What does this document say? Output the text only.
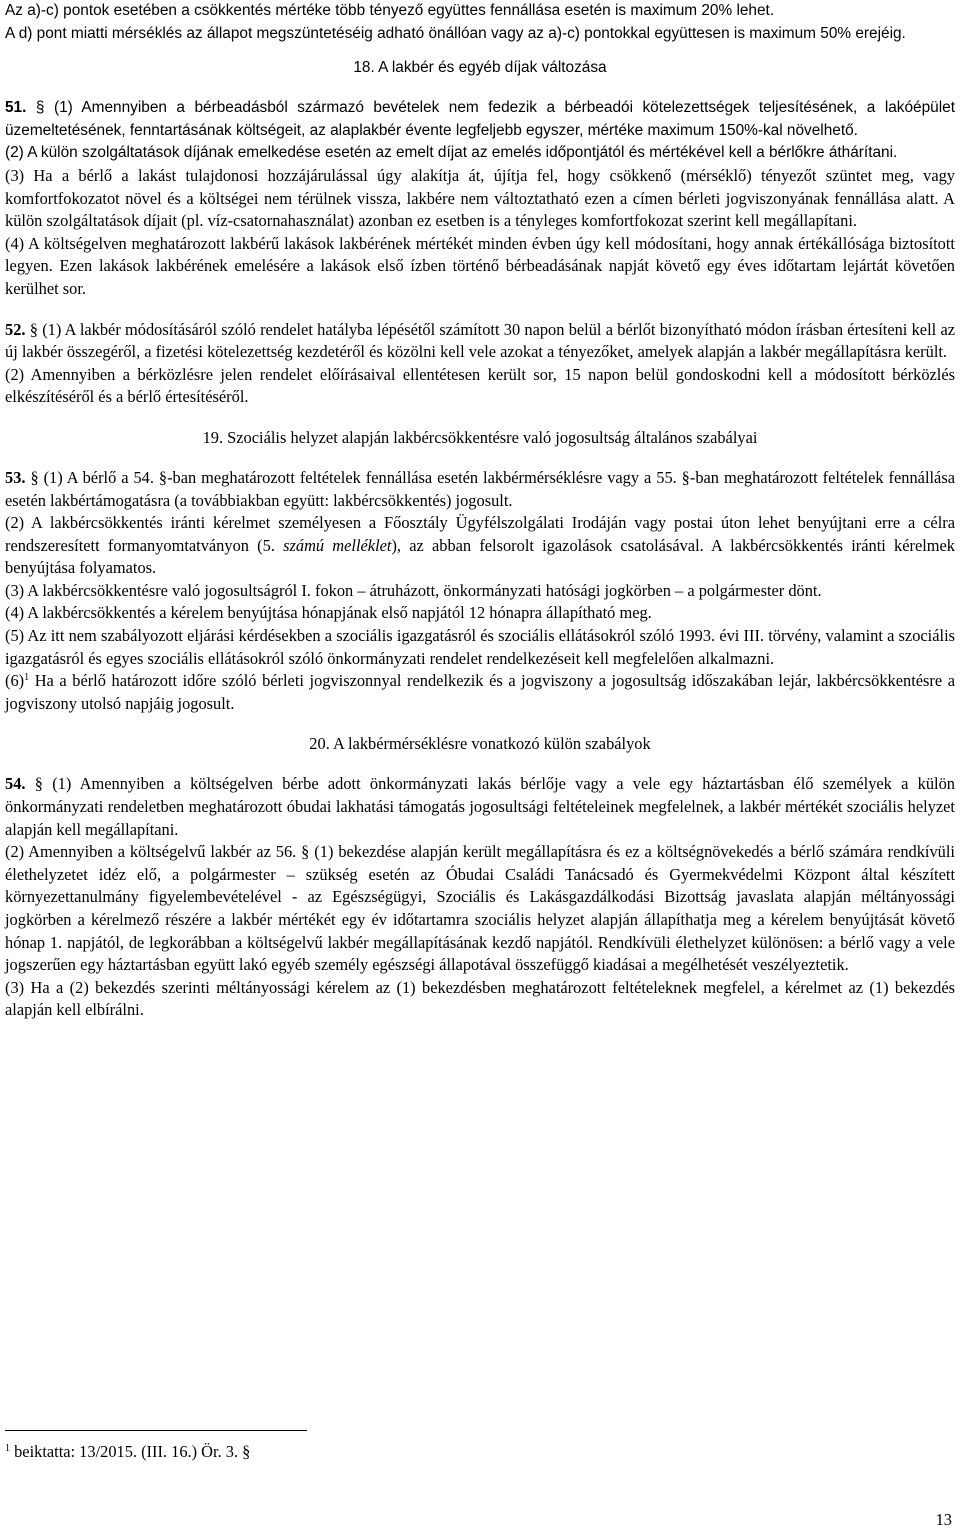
Az a)-c) pontok esetében a csökkentés mértéke több tényező együttes fennállása esetén is maximum 20% lehet.

A d) pont miatti mérséklés az állapot megszüntetéséig adható önállóan vagy az a)-c) pontokkal együttesen is maximum 50% erejéig.

18. A lakbér és egyéb díjak változása

51. § (1) Amennyiben a bérbeadásból származó bevételek nem fedezik a bérbeadói kötelezettségek teljesítésének, a lakóépület üzemeltetésének, fenntartásának költségeit, az alaplakbér évente legfeljebb egyszer, mértéke maximum 150%-kal növelhető.

(2) A külön szolgáltatások díjának emelkedése esetén az emelt díjat az emelés időpontjától és mértékével kell a bérlőkre áthárítani.

(3) Ha a bérlő a lakást tulajdonosi hozzájárulással úgy alakítja át, újítja fel, hogy csökkenő (mérséklő) tényezőt szüntet meg, vagy komfortfokozatot növel és a költségei nem térülnek vissza, lakbére nem változtatható ezen a címen bérleti jogviszonyának fennállása alatt. A külön szolgáltatások díjait (pl. víz-csatornahasználat) azonban ez esetben is a tényleges komfortfokozat szerint kell megállapítani.

(4) A költségelven meghatározott lakbérű lakások lakbérének mértékét minden évben úgy kell módosítani, hogy annak értékállósága biztosított legyen. Ezen lakások lakbérének emelésére a lakások első ízben történő bérbeadásának napját követő egy éves időtartam lejártát követően kerülhet sor.

52. § (1) A lakbér módosításáról szóló rendelet hatályba lépésétől számított 30 napon belül a bérlőt bizonyítható módon írásban értesíteni kell az új lakbér összegéről, a fizetési kötelezettség kezdetéről és közölni kell vele azokat a tényezőket, amelyek alapján a lakbér megállapításra került.

(2) Amennyiben a bérközlésre jelen rendelet előírásaival ellentétesen került sor, 15 napon belül gondoskodni kell a módosított bérközlés elkészítéséről és a bérlő értesítéséről.

19. Szociális helyzet alapján lakbércsökkentésre való jogosultság általános szabályai

53. § (1) A bérlő a 54. §-ban meghatározott feltételek fennállása esetén lakbérmérséklésre vagy a 55. §-ban meghatározott feltételek fennállása esetén lakbértámogatásra (a továbbiakban együtt: lakbércsökkentés) jogosult.

(2) A lakbércsökkentés iránti kérelmet személyesen a Főosztály Ügyfélszolgálati Irodáján vagy postai úton lehet benyújtani erre a célra rendszeresített formanyomtatványon (5. számú melléklet), az abban felsorolt igazolások csatolásával. A lakbércsökkentés iránti kérelmek benyújtása folyamatos.

(3) A lakbércsökkentésre való jogosultságról I. fokon – átruházott, önkormányzati hatósági jogkörben – a polgármester dönt.

(4) A lakbércsökkentés a kérelem benyújtása hónapjának első napjától 12 hónapra állapítható meg.

(5) Az itt nem szabályozott eljárási kérdésekben a szociális igazgatásról és szociális ellátásokról szóló 1993. évi III. törvény, valamint a szociális igazgatásról és egyes szociális ellátásokról szóló önkormányzati rendelet rendelkezéseit kell megfelelően alkalmazni.

$(6)^1$ Ha a bérlő határozott időre szóló bérleti jogviszonnyal rendelkezik és a jogviszony a jogosultság időszakában lejár, lakbércsökkentésre a jogviszony utolsó napjáig jogosult.

20. A lakbérmérséklésre vonatkozó külön szabályok

54. § (1) Amennyiben a költségelven bérbe adott önkormányzati lakás bérlője vagy a vele egy háztartásban élő személyek a külön önkormányzati rendeletben meghatározott óbudai lakhatási támogatás jogosultsági feltételeinek megfelelnek, a lakbér mértékét szociális helyzet alapján kell megállapítani.

(2) Amennyiben a költségelvű lakbér az 56. § (1) bekezdése alapján került megállapításra és ez a költségnövekedés a bérlő számára rendkívüli élethelyzetet idéz elő, a polgármester – szükség esetén az Óbudai Családi Tanácsadó és Gyermekvédelmi Központ által készített környezettanulmány figyelembevételével - az Egészségügyi, Szociális és Lakásgazdálkodási Bizottság javaslata alapján méltányossági jogkörben a kérelmező részére a lakbér mértékét egy év időtartamra szociális helyzet alapján állapíthatja meg a kérelem benyújtását követő hónap 1. napjától, de legkorábban a költségelvű lakbér megállapításának kezdő napjától. Rendkívüli élethelyzet különösen: a bérlő vagy a vele jogszerűen egy háztartásban együtt lakó egyéb személy egészségi állapotával összefüggő kiadásai a megélhetését veszélyeztetik.

(3) Ha a (2) bekezdés szerinti méltányossági kérelem az (1) bekezdésben meghatározott feltételeknek megfelel, a kérelmet az (1) bekezdés alapján kell elbírálni.

$^1$ beiktatta: 13/2015. (III. 16.) Ör. 3. §

13
